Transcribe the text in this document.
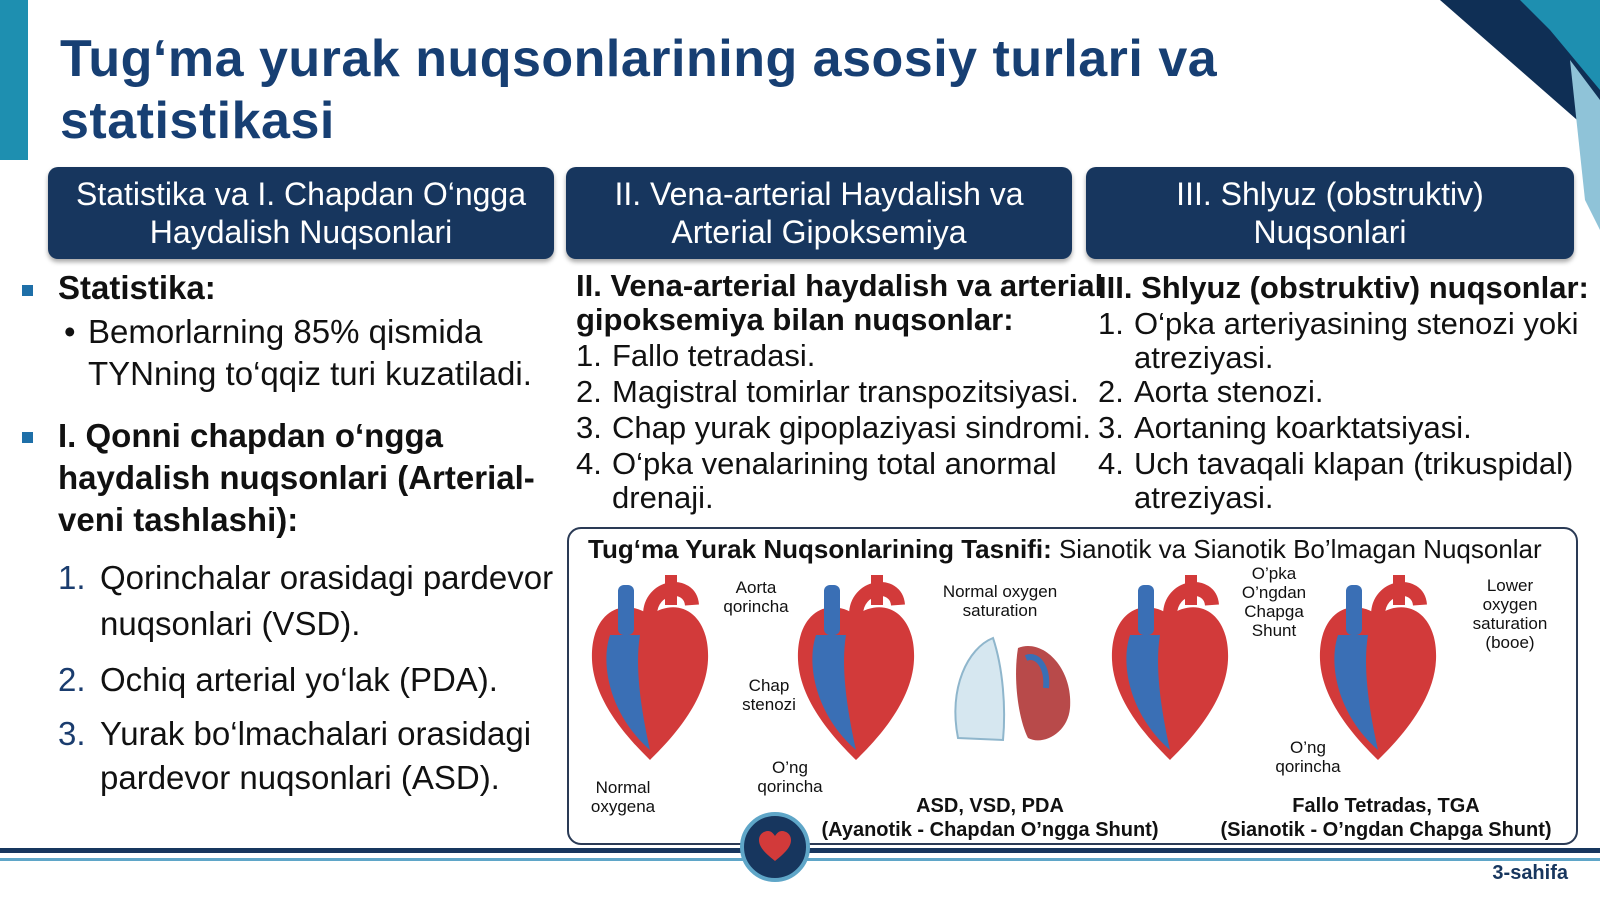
Tug‘ma yurak nuqsonlarining asosiy turlari va statistikasi
Statistika va I. Chapdan O‘ngga
Haydalish Nuqsonlari
II. Vena-arterial Haydalish va
Arterial Gipoksemiya
III. Shlyuz (obstruktiv)
Nuqsonlari
Statistika:
• Bemorlarning 85% qismida
TYNning to‘qqiz turi kuzatiladi.
I. Qonni chapdan o‘ngga
haydalish nuqsonlari (Arterial-
veni tashlashi):
1. Qorinchalar orasidagi pardevor
nuqsonlari (VSD).
2. Ochiq arterial yo‘lak (PDA).
3. Yurak bo‘lmachalari orasidagi
pardevor nuqsonlari (ASD).
II. Vena-arterial haydalish va arterial
gipoksemiya bilan nuqsonlar:
1. Fallo tetradasi.
2. Magistral tomirlar transpozitsiyasi.
3. Chap yurak gipoplaziyasi sindromi.
4. O‘pka venalarining total anormal
drenaji.
III. Shlyuz (obstruktiv) nuqsonlar:
1. O‘pka arteriyasining stenozi yoki
atreziyasi.
2. Aorta stenozi.
3. Aortaning koarktatsiyasi.
4. Uch tavaqali klapan (trikuspidal)
atreziyasi.
Tug‘ma Yurak Nuqsonlarining Tasnifi: Sianotik va Sianotik Bo’lmagan Nuqsonlar
Aorta
qorincha
Chap
stenozi
Normal
oxygena
O’ng
qorincha
Normal oxygen
saturation
O’pka
O’ngdan
Chapga
Shunt
Lower
oxygen
saturation
(booe)
O’ng
qorincha
ASD, VSD, PDA
(Ayanotik - Chapdan O’ngga Shunt)
Fallo Tetradas, TGA
(Sianotik - O’ngdan Chapga Shunt)
3-sahifa
